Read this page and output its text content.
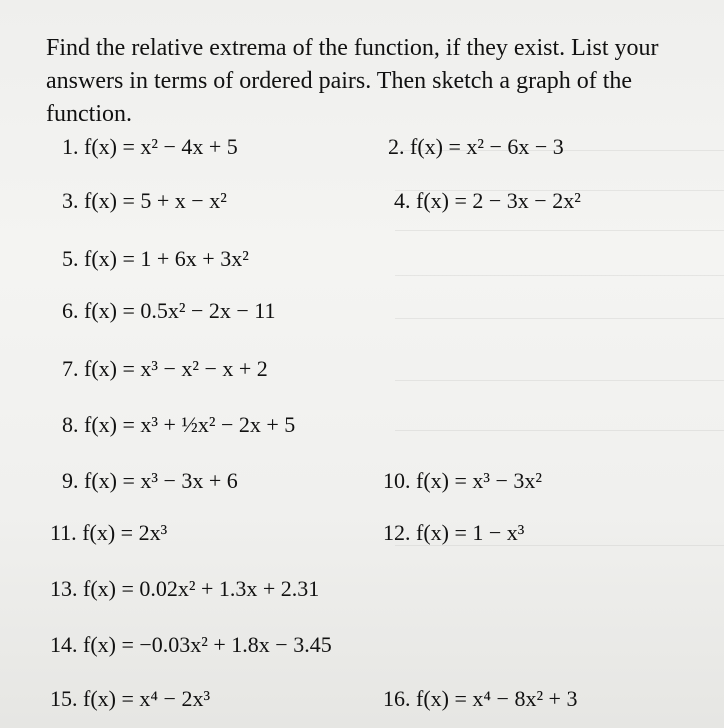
Find the relative extrema of the function, if they exist. List your answers in terms of ordered pairs. Then sketch a graph of the function.
1. f(x) = x² − 4x + 5	2. f(x) = x² − 6x − 3
3. f(x) = 5 + x − x²	4. f(x) = 2 − 3x − 2x²
5. f(x) = 1 + 6x + 3x²
6. f(x) = 0.5x² − 2x − 11
7. f(x) = x³ − x² − x + 2
8. f(x) = x³ + ½x² − 2x + 5
9. f(x) = x³ − 3x + 6	10. f(x) = x³ − 3x²
11. f(x) = 2x³	12. f(x) = 1 − x³
13. f(x) = 0.02x² + 1.3x + 2.31
14. f(x) = −0.03x² + 1.8x − 3.45
15. f(x) = x⁴ − 2x³	16. f(x) = x⁴ − 8x² + 3
